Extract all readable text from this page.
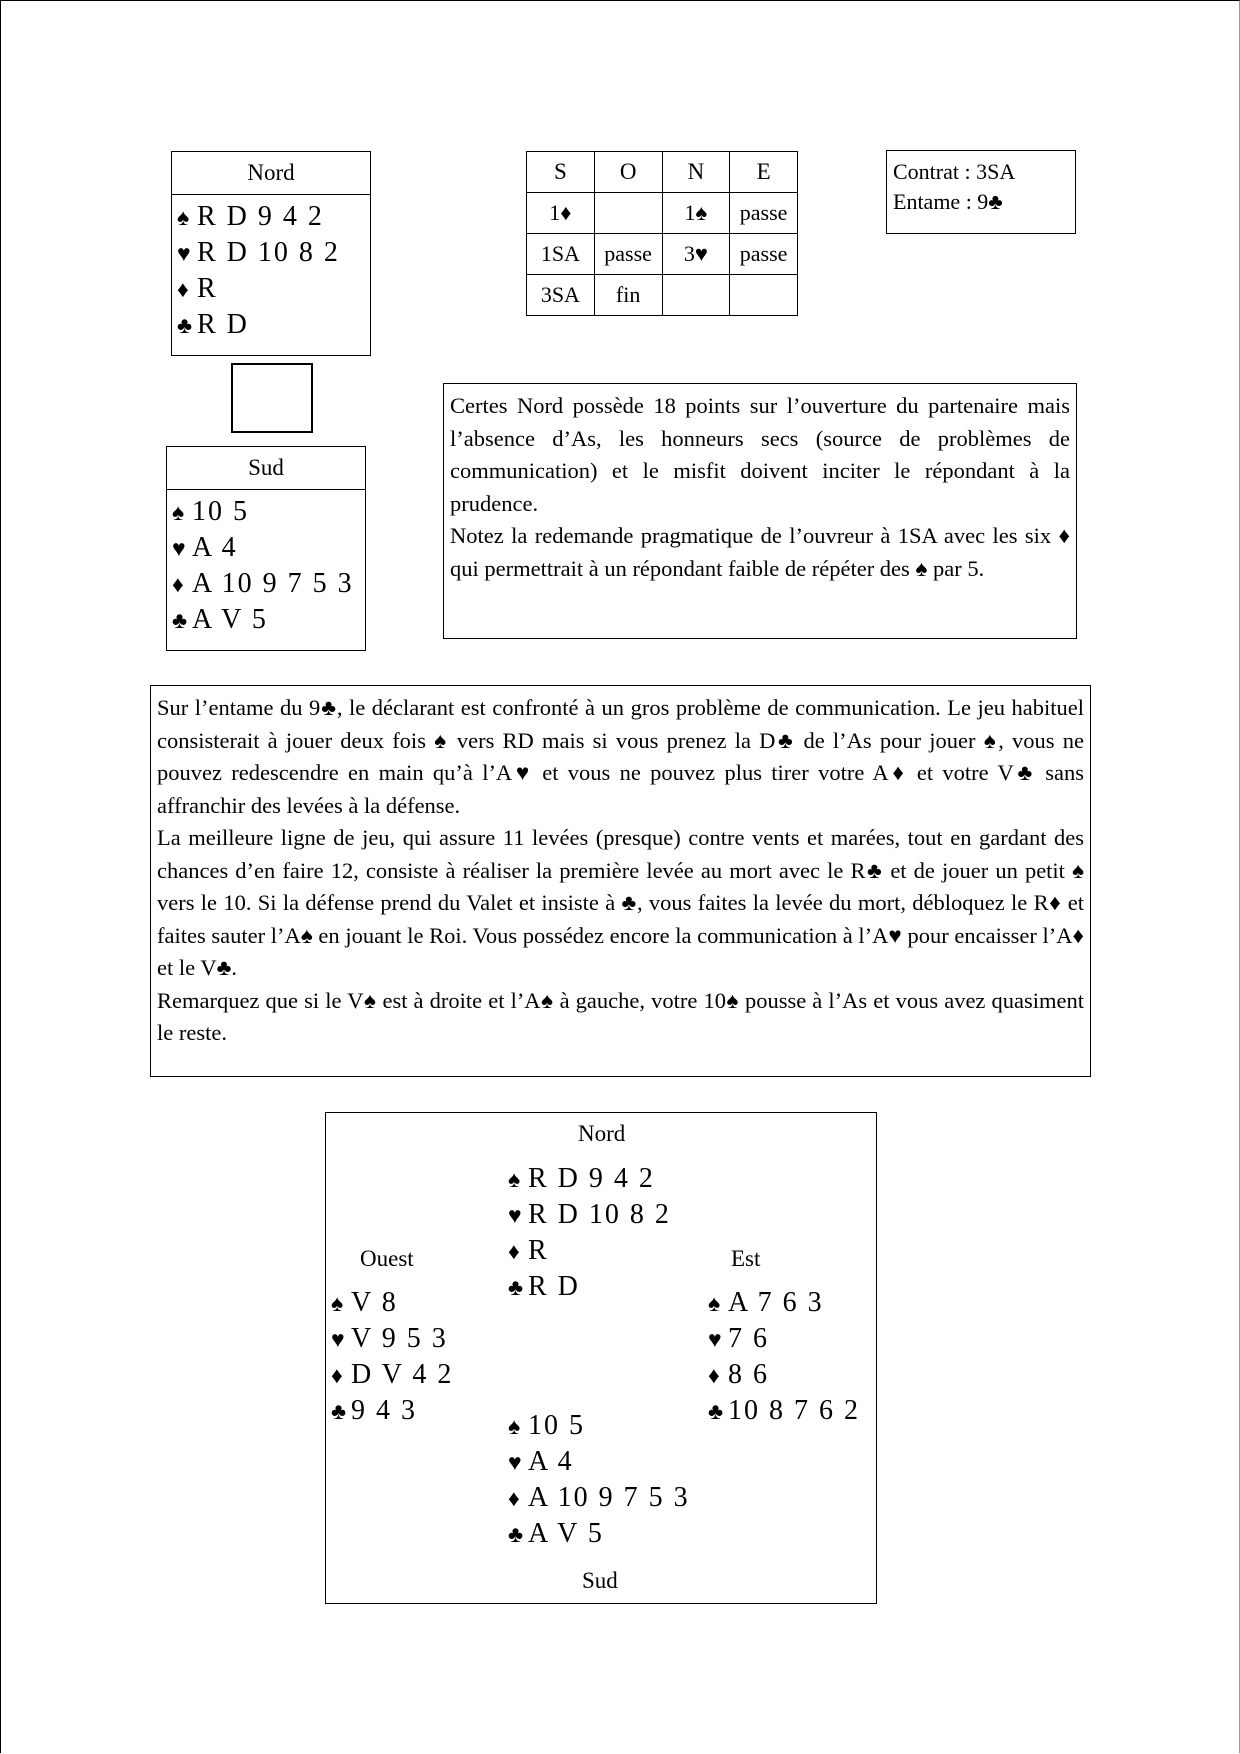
Nord
♠ R D 9 4 2
♥ R D 10 8 2
♦ R
♣ R D
Sud
♠ 10 5
♥ A 4
♦ A 10 9 7 5 3
♣ A V 5
S	O	N	E
1♦		1♠	passe
1SA	passe	3♥	passe
3SA	fin		
Contrat : 3SA
Entame : 9♣

Certes Nord possède 18 points sur l’ouverture du partenaire mais l’absence d’As, les honneurs secs (source de problèmes de communication) et le misfit doivent inciter le répondant à la prudence.

Notez la redemande pragmatique de l’ouvreur à 1SA avec les six ♦ qui permettrait à un répondant faible de répéter des ♠ par 5.

Sur l’entame du 9♣, le déclarant est confronté à un gros problème de communication. Le jeu habituel consisterait à jouer deux fois ♠ vers RD mais si vous prenez la D♣ de l’As pour jouer ♠, vous ne pouvez redescendre en main qu’à l’A♥ et vous ne pouvez plus tirer votre A♦ et votre V♣ sans affranchir des levées à la défense.

La meilleure ligne de jeu, qui assure 11 levées (presque) contre vents et marées, tout en gardant des chances d’en faire 12, consiste à réaliser la première levée au mort avec le R♣ et de jouer un petit ♠ vers le 10. Si la défense prend du Valet et insiste à ♣, vous faites la levée du mort, débloquez le R♦ et faites sauter l’A♠ en jouant le Roi. Vous possédez encore la communication à l’A♥ pour encaisser l’A♦ et le V♣.

Remarquez que si le V♠ est à droite et l’A♠ à gauche, votre 10♠ pousse à l’As et vous avez quasiment le reste.

Nord
♠ R D 9 4 2
♥ R D 10 8 2
♦ R
♣ R D
Ouest
♠ V 8
♥ V 9 5 3
♦ D V 4 2
♣ 9 4 3
Est
♠ A 7 6 3
♥ 7 6
♦ 8 6
♣ 10 8 7 6 2
♠ 10 5
♥ A 4
♦ A 10 9 7 5 3
♣ A V 5
Sud
